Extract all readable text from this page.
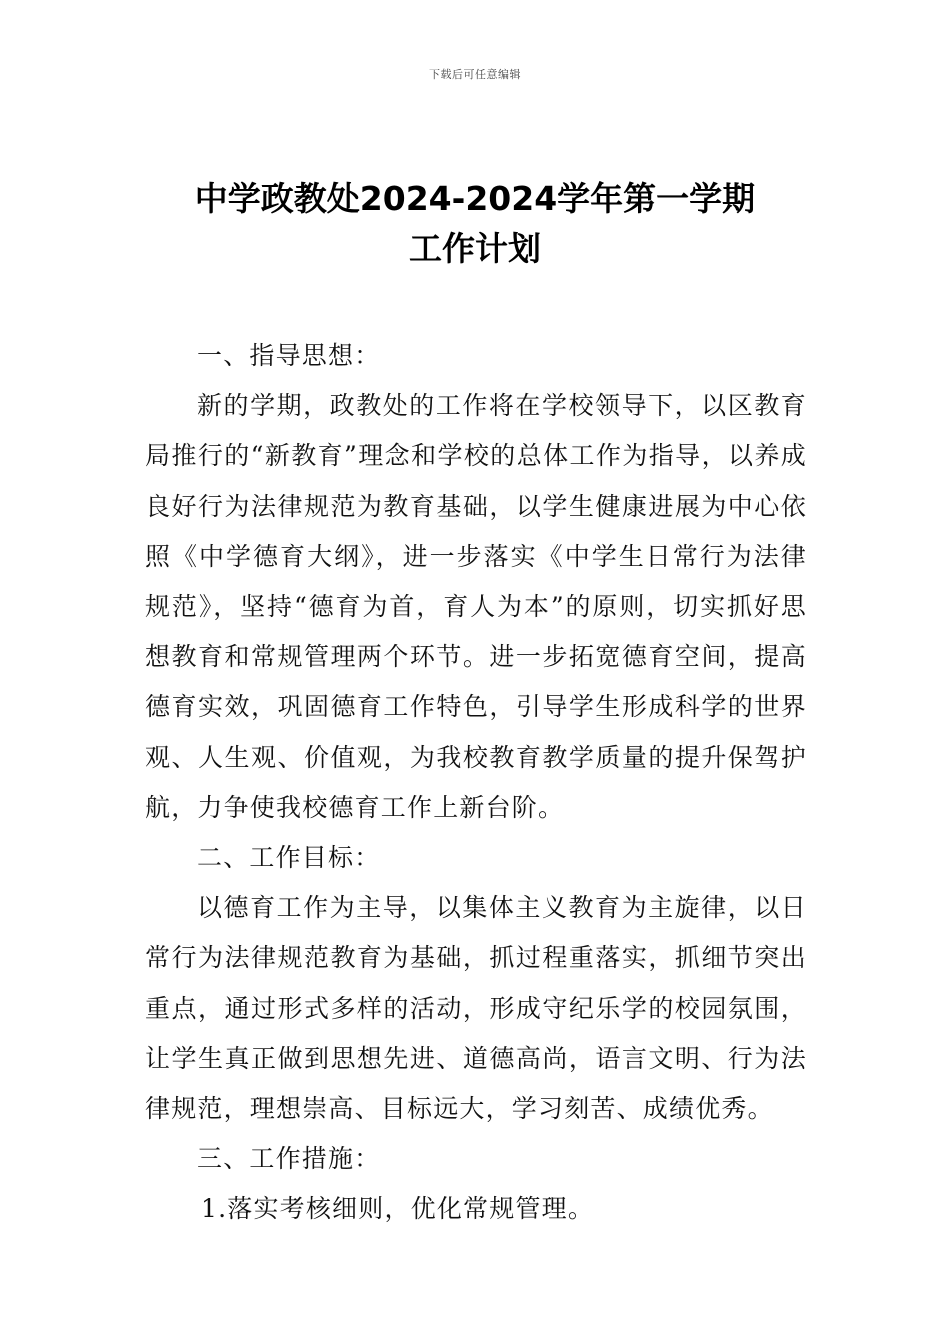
下载后可任意编辑
中学政教处2024-2024学年第一学期
工作计划

一、指导思想：

新的学期，政教处的工作将在学校领导下，以区教育局推行的“新教育”理念和学校的总体工作为指导，以养成良好行为法律规范为教育基础，以学生健康进展为中心依照《中学德育大纲》，进一步落实《中学生日常行为法律规范》，坚持“德育为首，育人为本”的原则，切实抓好思想教育和常规管理两个环节。进一步拓宽德育空间，提高德育实效，巩固德育工作特色，引导学生形成科学的世界观、人生观、价值观，为我校教育教学质量的提升保驾护航，力争使我校德育工作上新台阶。

二、工作目标：

以德育工作为主导，以集体主义教育为主旋律，以日常行为法律规范教育为基础，抓过程重落实，抓细节突出重点，通过形式多样的活动，形成守纪乐学的校园氛围，让学生真正做到思想先进、道德高尚，语言文明、行为法律规范，理想崇高、目标远大，学习刻苦、成绩优秀。

三、工作措施：

1.落实考核细则，优化常规管理。
